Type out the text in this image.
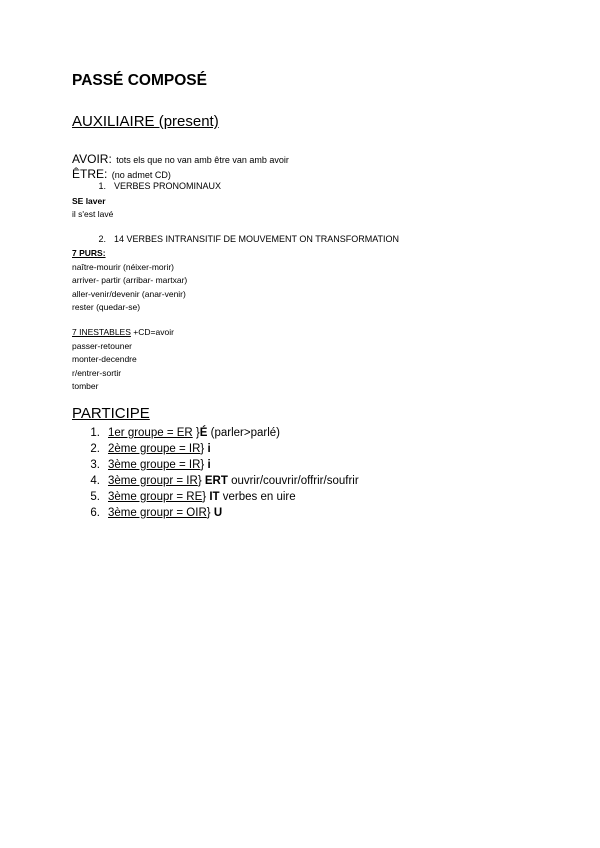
PASSÉ COMPOSÉ
AUXILIAIRE (present)
AVOIR: tots els que no van amb être van amb avoir
ÊTRE: (no admet CD)
1. VERBES PRONOMINAUX
SE laver
il s'est lavé
2. 14 VERBES INTRANSITIF DE MOUVEMENT ON TRANSFORMATION
7 PURS:
naître-mourir (néixer-morir)
arriver- partir (arribar- martxar)
aller-venir/devenir (anar-venir)
rester (quedar-se)
7 INESTABLES +CD=avoir
passer-retouner
monter-decendre
r/entrer-sortir
tomber
PARTICIPE
1. 1er groupe = ER }É (parler>parlé)
2. 2ème groupe = IR} i
3. 3ème groupe = IR} i
4. 3ème groupr = IR} ERT ouvrir/couvrir/offrir/soufrir
5. 3ème groupr = RE} IT verbes en uire
6. 3ème groupr = OIR} U
